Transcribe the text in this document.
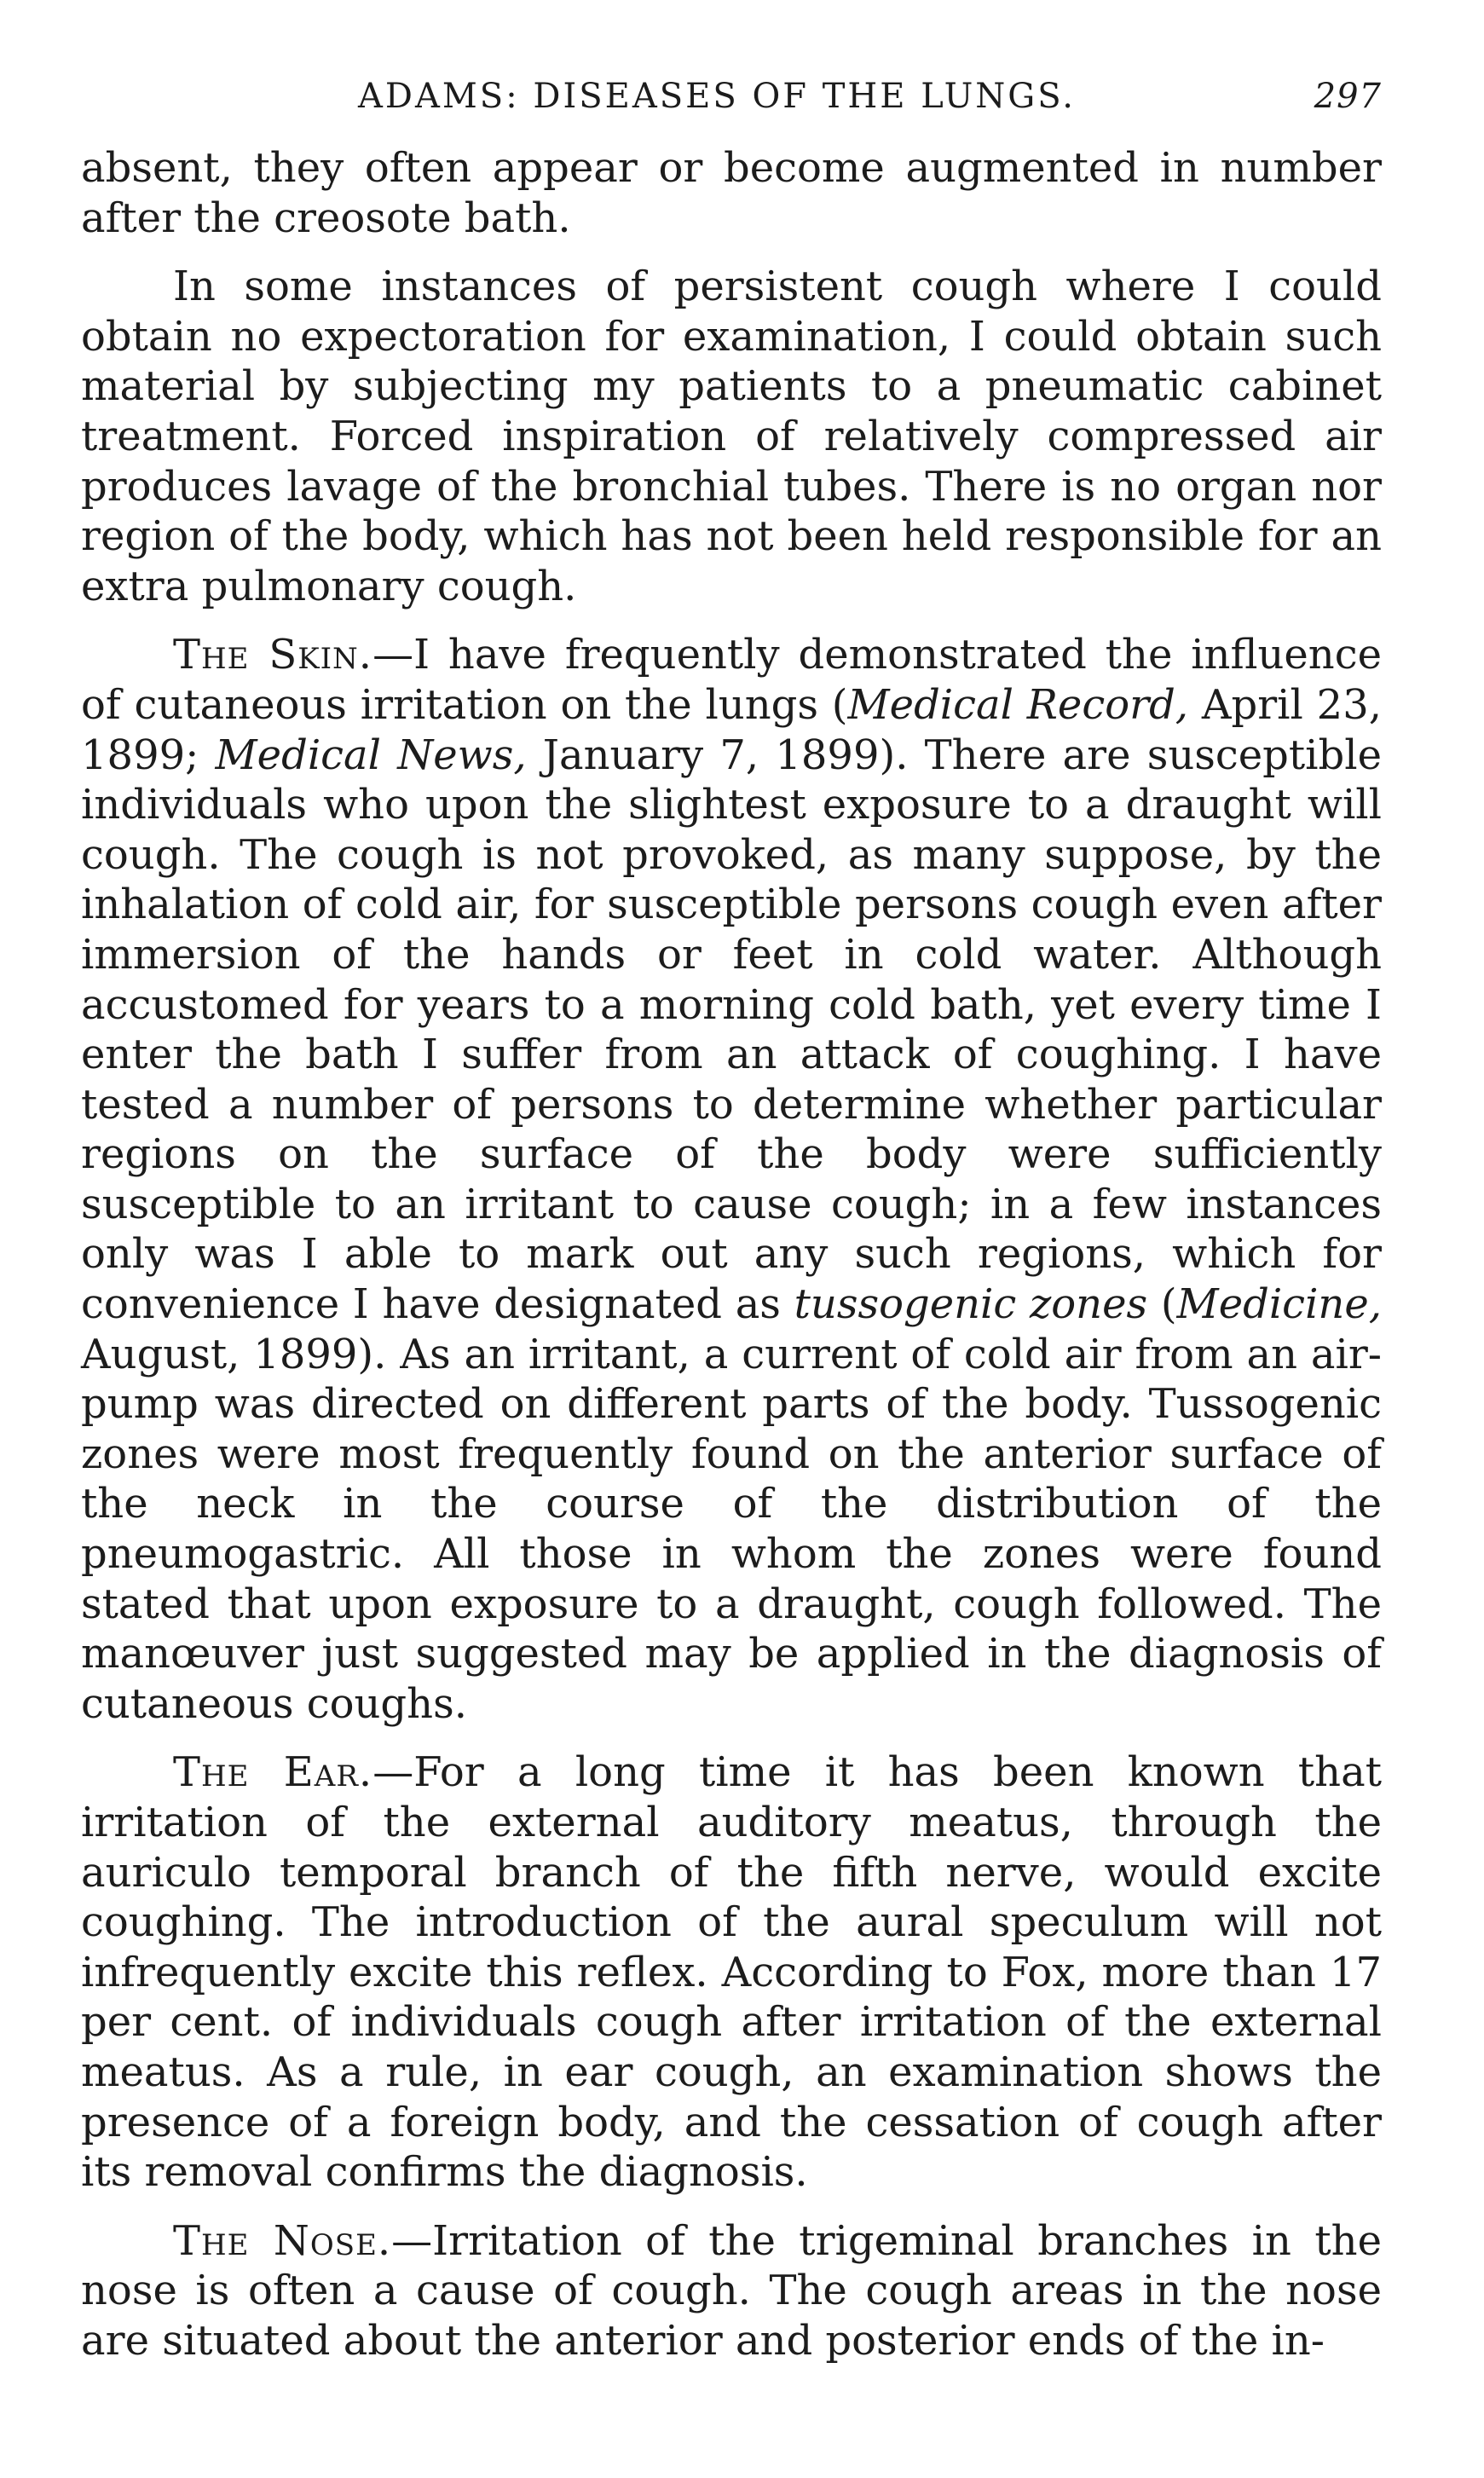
ADAMS: DISEASES OF THE LUNGS.	297

absent, they often appear or become augmented in number after the creosote bath.

In some instances of persistent cough where I could obtain no expectoration for examination, I could obtain such material by subjecting my patients to a pneumatic cabinet treatment. Forced inspiration of relatively compressed air produces lavage of the bronchial tubes. There is no organ nor region of the body, which has not been held responsible for an extra pulmonary cough.

The Skin.—I have frequently demonstrated the influence of cutaneous irritation on the lungs (Medical Record, April 23, 1899; Medical News, January 7, 1899). There are susceptible individuals who upon the slightest exposure to a draught will cough. The cough is not provoked, as many suppose, by the inhalation of cold air, for susceptible persons cough even after immersion of the hands or feet in cold water. Although accustomed for years to a morning cold bath, yet every time I enter the bath I suffer from an attack of coughing. I have tested a number of persons to determine whether particular regions on the surface of the body were sufficiently susceptible to an irritant to cause cough; in a few instances only was I able to mark out any such regions, which for convenience I have designated as tussogenic zones (Medicine, August, 1899). As an irritant, a current of cold air from an air-pump was directed on different parts of the body. Tussogenic zones were most frequently found on the anterior surface of the neck in the course of the distribution of the pneumogastric. All those in whom the zones were found stated that upon exposure to a draught, cough followed. The manœuver just suggested may be applied in the diagnosis of cutaneous coughs.

The Ear.—For a long time it has been known that irritation of the external auditory meatus, through the auriculo temporal branch of the fifth nerve, would excite coughing. The introduction of the aural speculum will not infrequently excite this reflex. According to Fox, more than 17 per cent. of individuals cough after irritation of the external meatus. As a rule, in ear cough, an examination shows the presence of a foreign body, and the cessation of cough after its removal confirms the diagnosis.

The Nose.—Irritation of the trigeminal branches in the nose is often a cause of cough. The cough areas in the nose are situated about the anterior and posterior ends of the in-
